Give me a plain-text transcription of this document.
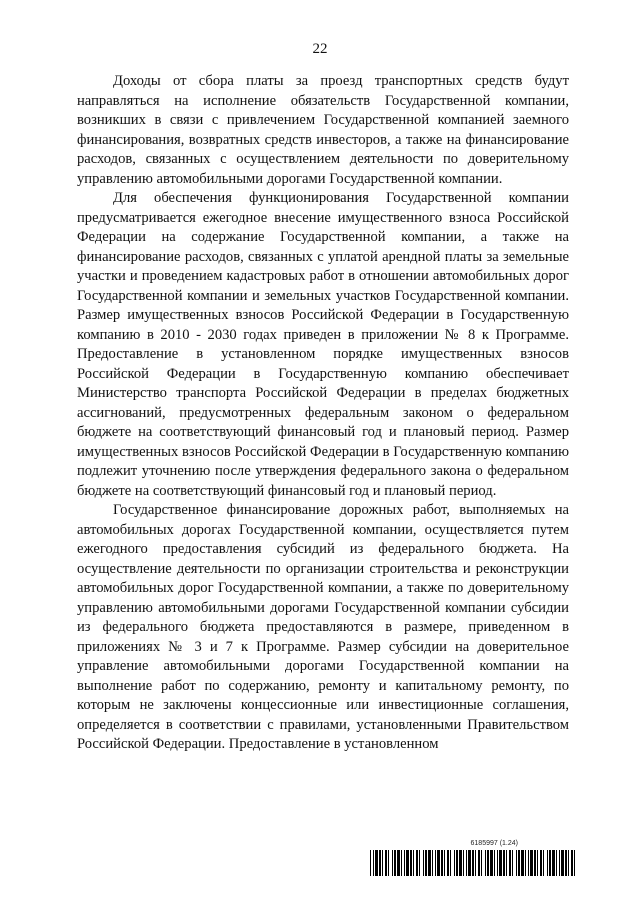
22

Доходы от сбора платы за проезд транспортных средств будут направляться на исполнение обязательств Государственной компании, возникших в связи с привлечением Государственной компанией заемного финансирования, возвратных средств инвесторов, а также на финансирование расходов, связанных с осуществлением деятельности по доверительному управлению автомобильными дорогами Государственной компании.

Для обеспечения функционирования Государственной компании предусматривается ежегодное внесение имущественного взноса Российской Федерации на содержание Государственной компании, а также на финансирование расходов, связанных с уплатой арендной платы за земельные участки и проведением кадастровых работ в отношении автомобильных дорог Государственной компании и земельных участков Государственной компании. Размер имущественных взносов Российской Федерации в Государственную компанию в 2010 - 2030 годах приведен в приложении № 8 к Программе. Предоставление в установленном порядке имущественных взносов Российской Федерации в Государственную компанию обеспечивает Министерство транспорта Российской Федерации в пределах бюджетных ассигнований, предусмотренных федеральным законом о федеральном бюджете на соответствующий финансовый год и плановый период. Размер имущественных взносов Российской Федерации в Государственную компанию подлежит уточнению после утверждения федерального закона о федеральном бюджете на соответствующий финансовый год и плановый период.

Государственное финансирование дорожных работ, выполняемых на автомобильных дорогах Государственной компании, осуществляется путем ежегодного предоставления субсидий из федерального бюджета. На осуществление деятельности по организации строительства и реконструкции автомобильных дорог Государственной компании, а также по доверительному управлению автомобильными дорогами Государственной компании субсидии из федерального бюджета предоставляются в размере, приведенном в приложениях № 3 и 7 к Программе. Размер субсидии на доверительное управление автомобильными дорогами Государственной компании на выполнение работ по содержанию, ремонту и капитальному ремонту, по которым не заключены концессионные или инвестиционные соглашения, определяется в соответствии с правилами, установленными Правительством Российской Федерации. Предоставление в установленном

6185997 (1.24)
